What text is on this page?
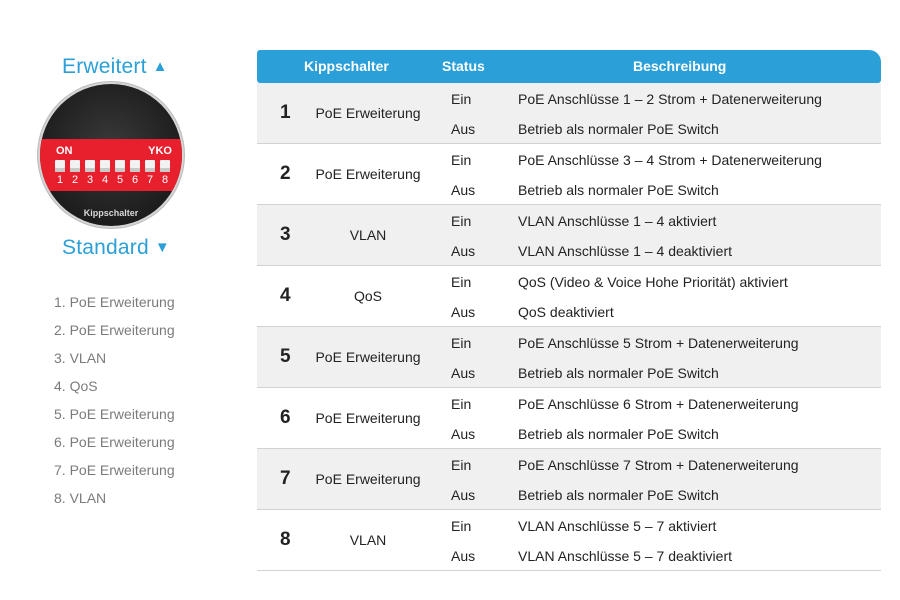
Erweitert ▲
ON	YKO
1 2 3 4 5 6 7 8
Kippschalter
Standard ▼
1. PoE Erweiterung
2. PoE Erweiterung
3. VLAN
4. QoS
5. PoE Erweiterung
6. PoE Erweiterung
7. PoE Erweiterung
8. VLAN
Kippschalter	Status	Beschreibung
1	PoE Erweiterung
Ein	PoE Anschlüsse 1 – 2 Strom + Datenerweiterung
Aus	Betrieb als normaler PoE Switch
2	PoE Erweiterung
Ein	PoE Anschlüsse 3 – 4 Strom + Datenerweiterung
Aus	Betrieb als normaler PoE Switch
3	VLAN
Ein	VLAN Anschlüsse 1 – 4 aktiviert
Aus	VLAN Anschlüsse 1 – 4 deaktiviert
4	QoS
Ein	QoS (Video & Voice Hohe Priorität) aktiviert
Aus	QoS deaktiviert
5	PoE Erweiterung
Ein	PoE Anschlüsse 5 Strom + Datenerweiterung
Aus	Betrieb als normaler PoE Switch
6	PoE Erweiterung
Ein	PoE Anschlüsse 6 Strom + Datenerweiterung
Aus	Betrieb als normaler PoE Switch
7	PoE Erweiterung
Ein	PoE Anschlüsse 7 Strom + Datenerweiterung
Aus	Betrieb als normaler PoE Switch
8	VLAN
Ein	VLAN Anschlüsse 5 – 7 aktiviert
Aus	VLAN Anschlüsse 5 – 7 deaktiviert
